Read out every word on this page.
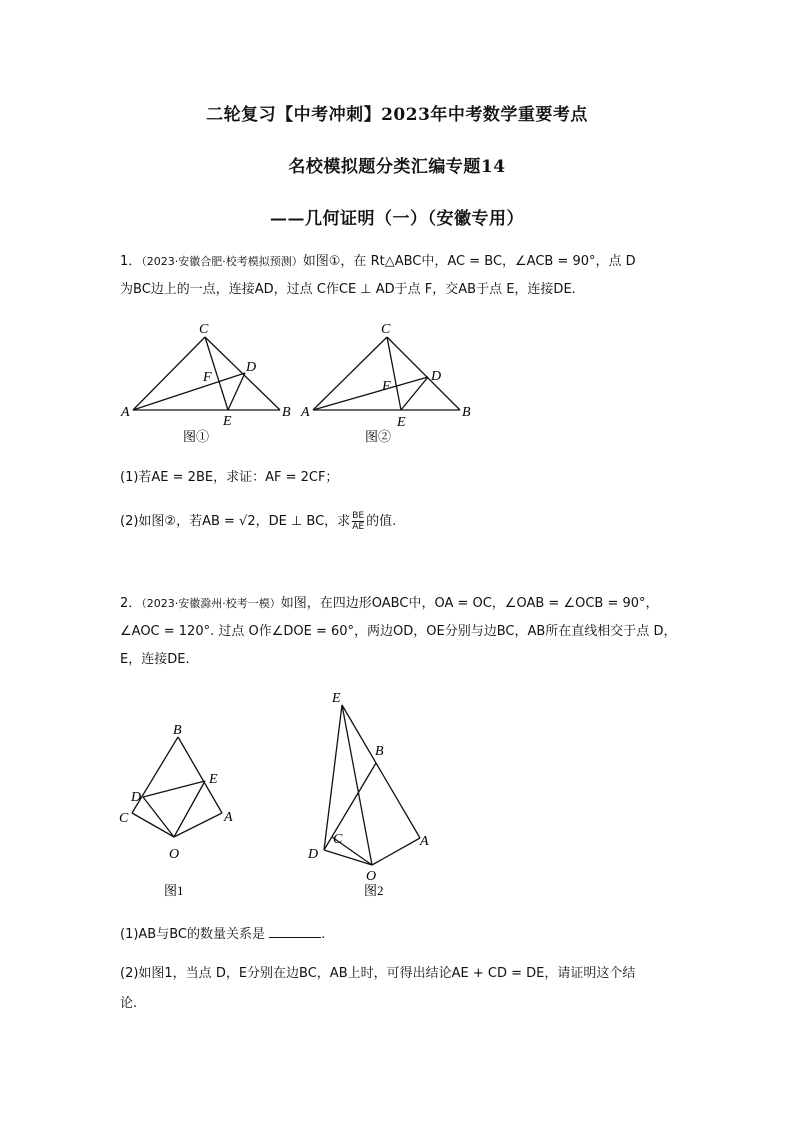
二轮复习【中考冲刺】2023年中考数学重要考点
名校模拟题分类汇编专题14
——几何证明（一）（安徽专用）
1．（2023·安徽合肥·校考模拟预测）如图①，在 Rt△ABC中，AC = BC，∠ACB = 90°，点 D
为BC边上的一点，连接AD，过点 C作CE ⊥ AD于点 F，交AB于点 E，连接DE.
C
A	B
D
F
E
图①
C
A	B
D
F
E
图②
(1)若AE = 2BE，求证：AF = 2CF；
(2)如图②，若AB = √2，DE ⊥ BC，求 $\frac{BE}{AE}$ 的值.
2．（2023·安徽滁州·校考一模）如图，在四边形OABC中，OA = OC，∠OAB = ∠OCB = 90°，
∠AOC = 120°. 过点 O作∠DOE = 60°，两边OD，OE分别与边BC，AB所在直线相交于点 D，
E，连接DE.
B
E
D
C	A
O
图1
E
B
C
D
A
O
图2
(1)AB与BC的数量关系是	.
(2)如图1，当点 D，E分别在边BC，AB上时，可得出结论AE + CD = DE，请证明这个结
论.
